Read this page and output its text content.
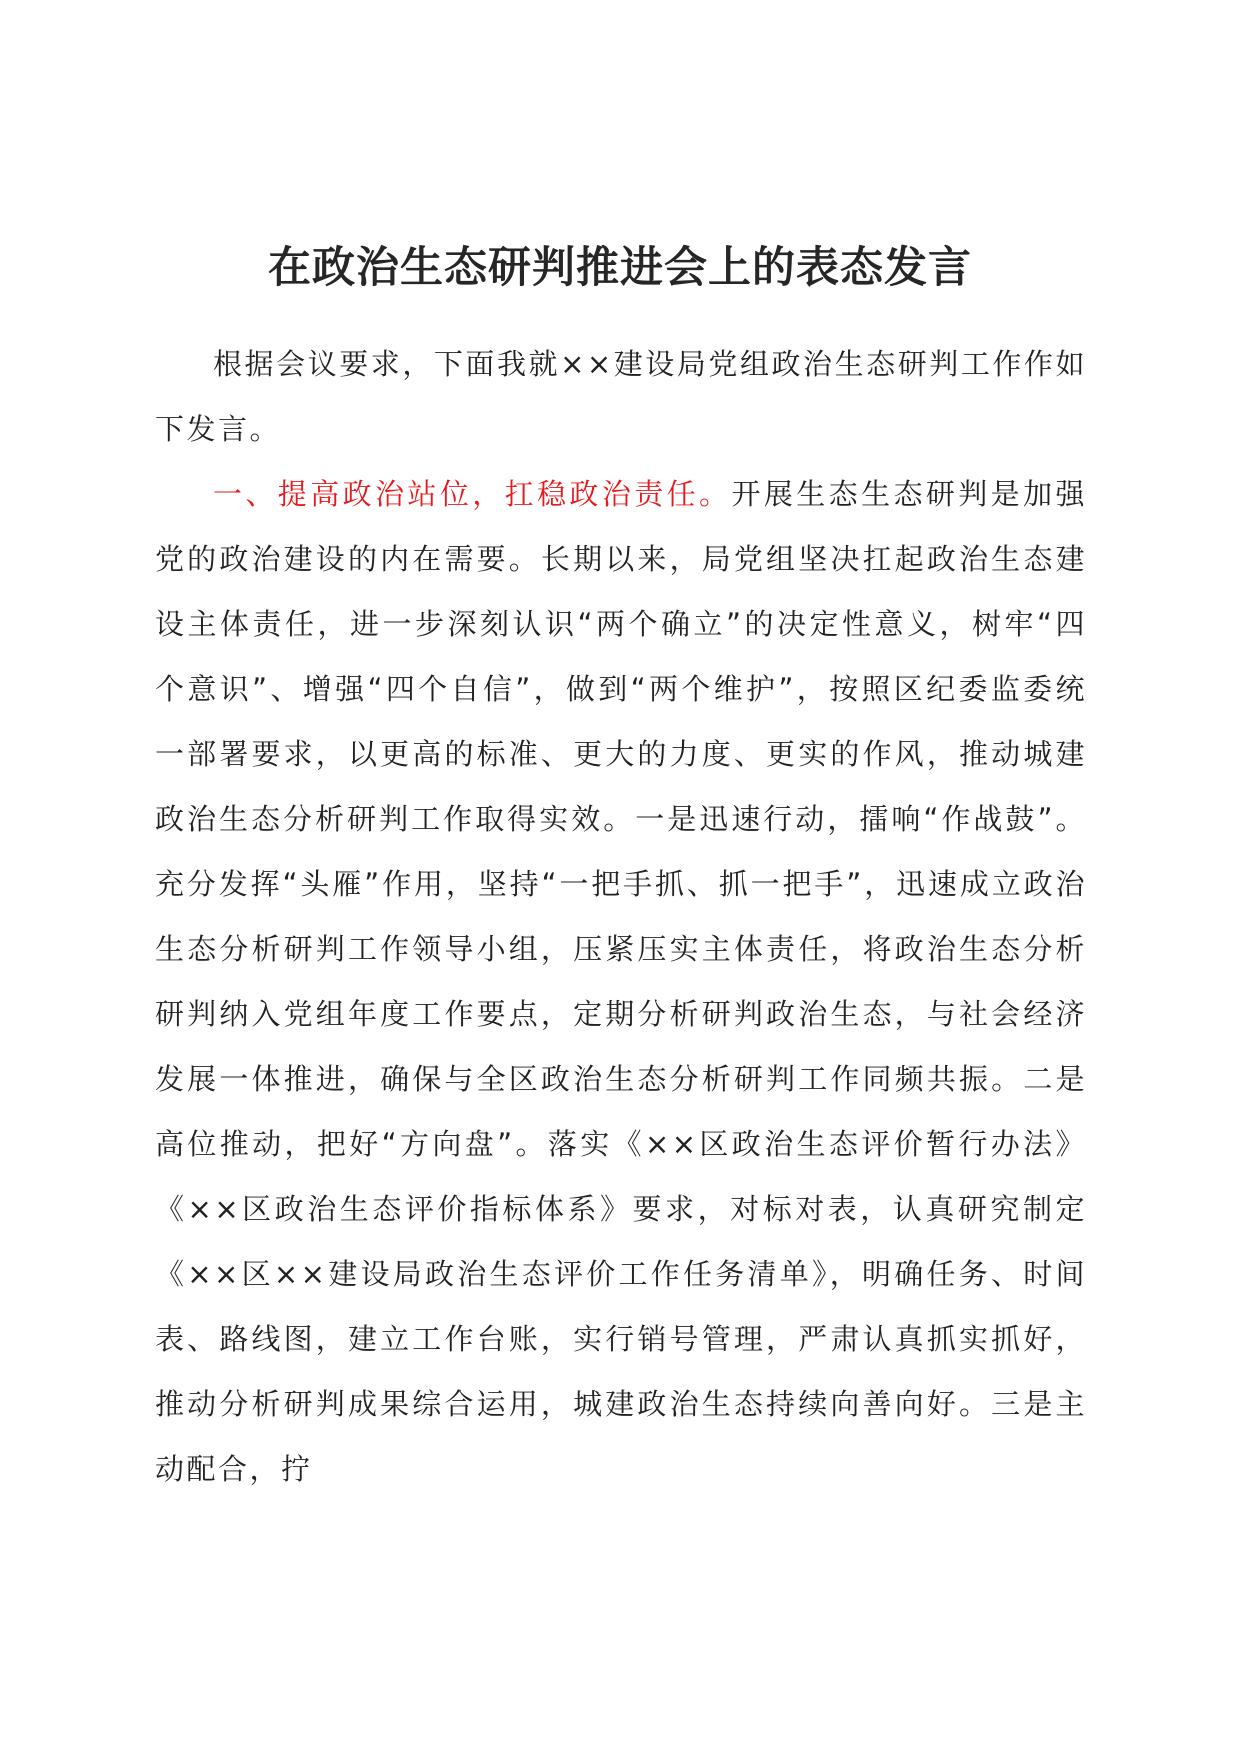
在政治生态研判推进会上的表态发言

根据会议要求，下面我就××建设局党组政治生态研判工作作如下发言。

一、提高政治站位，扛稳政治责任。开展生态生态研判是加强党的政治建设的内在需要。长期以来，局党组坚决扛起政治生态建设主体责任，进一步深刻认识“两个确立”的决定性意义，树牢“四个意识”、增强“四个自信”，做到“两个维护”，按照区纪委监委统一部署要求，以更高的标准、更大的力度、更实的作风，推动城建政治生态分析研判工作取得实效。一是迅速行动，擂响“作战鼓”。充分发挥“头雁”作用，坚持“一把手抓、抓一把手”，迅速成立政治生态分析研判工作领导小组，压紧压实主体责任，将政治生态分析研判纳入党组年度工作要点，定期分析研判政治生态，与社会经济发展一体推进，确保与全区政治生态分析研判工作同频共振。二是高位推动，把好“方向盘”。落实《××区政治生态评价暂行办法》《××区政治生态评价指标体系》要求，对标对表，认真研究制定《××区××建设局政治生态评价工作任务清单》，明确任务、时间表、路线图，建立工作台账，实行销号管理，严肃认真抓实抓好，推动分析研判成果综合运用，城建政治生态持续向善向好。三是主动配合，拧
